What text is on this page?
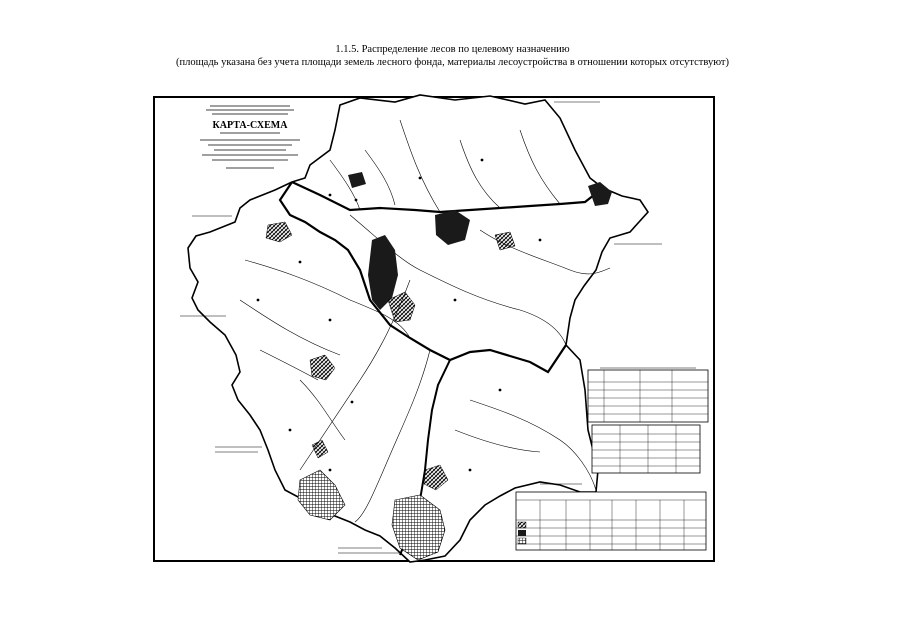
1.1.5. Распределение лесов по целевому назначению
(площадь указана без учета площади земель лесного фонда, материалы лесоустройства в отношении которых отсутствуют)
КАРТА-СХЕМА
